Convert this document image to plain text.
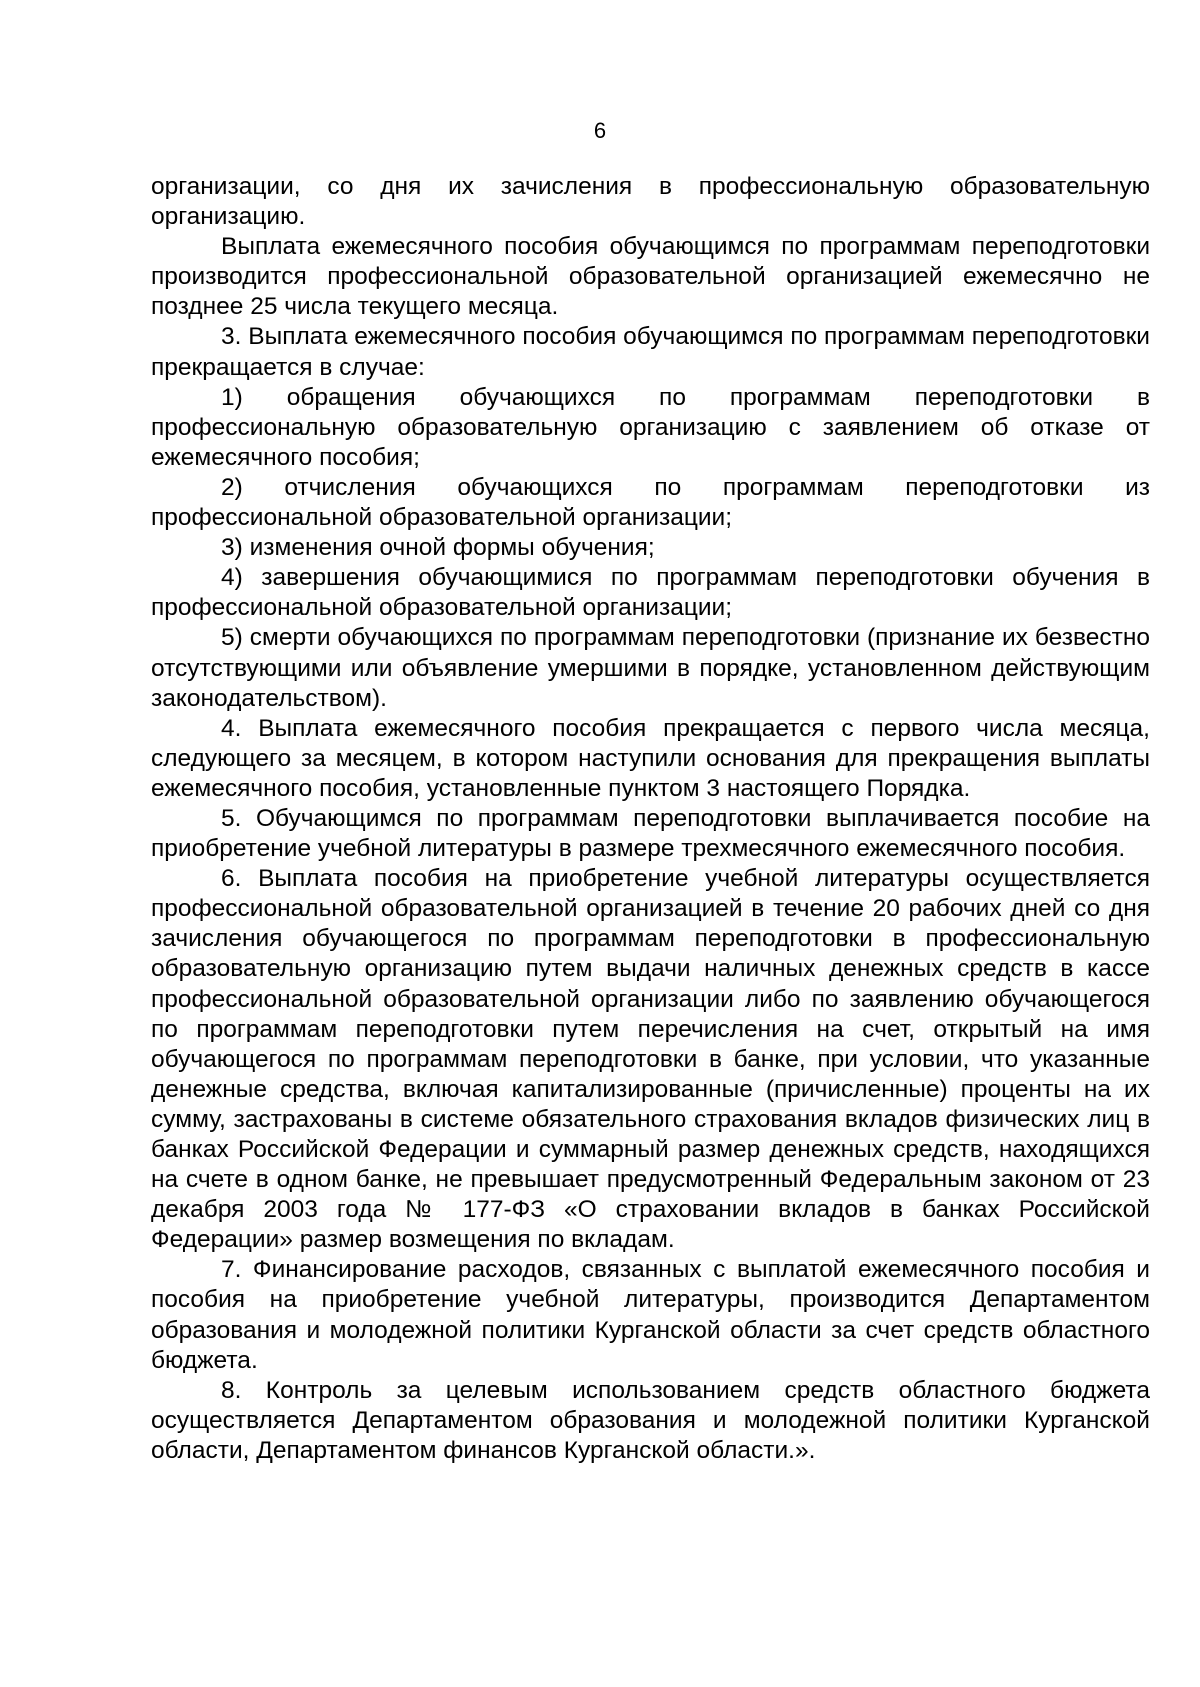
6

организации, со дня их зачисления в профессиональную образовательную организацию.

Выплата ежемесячного пособия обучающимся по программам переподготовки производится профессиональной образовательной организацией ежемесячно не позднее 25 числа текущего месяца.

3. Выплата ежемесячного пособия обучающимся по программам переподготовки прекращается в случае:

1) обращения обучающихся по программам переподготовки в профессиональную образовательную организацию с заявлением об отказе от ежемесячного пособия;

2) отчисления обучающихся по программам переподготовки из профессиональной образовательной организации;

3) изменения очной формы обучения;

4) завершения обучающимися по программам переподготовки обучения в профессиональной образовательной организации;

5) смерти обучающихся по программам переподготовки (признание их безвестно отсутствующими или объявление умершими в порядке, установленном действующим законодательством).

4. Выплата ежемесячного пособия прекращается с первого числа месяца, следующего за месяцем, в котором наступили основания для прекращения выплаты ежемесячного пособия, установленные пунктом 3 настоящего Порядка.

5. Обучающимся по программам переподготовки выплачивается пособие на приобретение учебной литературы в размере трехмесячного ежемесячного пособия.

6. Выплата пособия на приобретение учебной литературы осуществляется профессиональной образовательной организацией в течение 20 рабочих дней со дня зачисления обучающегося по программам переподготовки в профессиональную образовательную организацию путем выдачи наличных денежных средств в кассе профессиональной образовательной организации либо по заявлению обучающегося по программам переподготовки путем перечисления на счет, открытый на имя обучающегося по программам переподготовки в банке, при условии, что указанные денежные средства, включая капитализированные (причисленные) проценты на их сумму, застрахованы в системе обязательного страхования вкладов физических лиц в банках Российской Федерации и суммарный размер денежных средств, находящихся на счете в одном банке, не превышает предусмотренный Федеральным законом от 23 декабря 2003 года № 177-ФЗ «О страховании вкладов в банках Российской Федерации» размер возмещения по вкладам.

7. Финансирование расходов, связанных с выплатой ежемесячного пособия и пособия на приобретение учебной литературы, производится Департаментом образования и молодежной политики Курганской области за счет средств областного бюджета.

8. Контроль за целевым использованием средств областного бюджета осуществляется Департаментом образования и молодежной политики Курганской области, Департаментом финансов Курганской области.».
